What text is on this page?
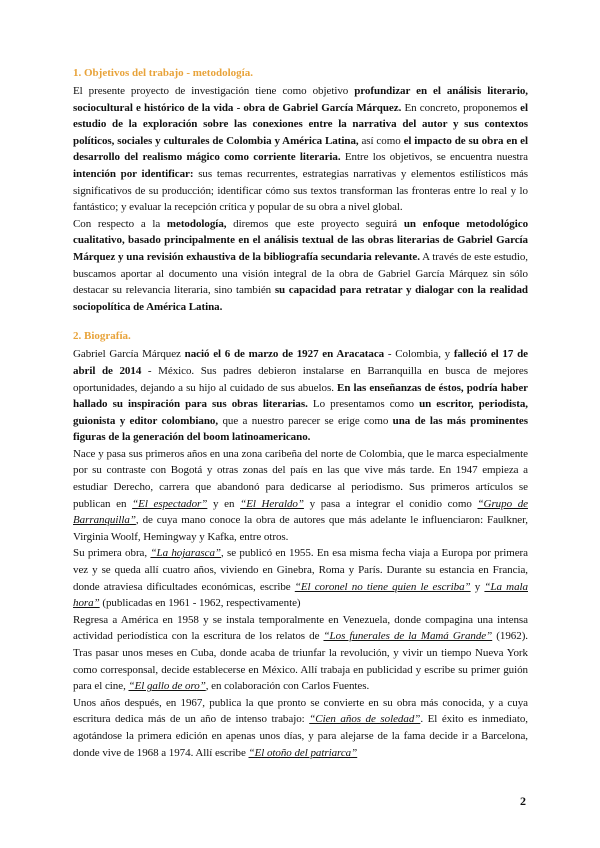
1. Objetivos del trabajo - metodología.

El presente proyecto de investigación tiene como objetivo profundizar en el análisis literario, sociocultural e histórico de la vida - obra de Gabriel García Márquez. En concreto, proponemos el estudio de la exploración sobre las conexiones entre la narrativa del autor y sus contextos políticos, sociales y culturales de Colombia y América Latina, así como el impacto de su obra en el desarrollo del realismo mágico como corriente literaria. Entre los objetivos, se encuentra nuestra intención por identificar: sus temas recurrentes, estrategias narrativas y elementos estilísticos más significativos de su producción; identificar cómo sus textos transforman las fronteras entre lo real y lo fantástico; y evaluar la recepción crítica y popular de su obra a nivel global.

Con respecto a la metodología, diremos que este proyecto seguirá un enfoque metodológico cualitativo, basado principalmente en el análisis textual de las obras literarias de Gabriel García Márquez y una revisión exhaustiva de la bibliografía secundaria relevante. A través de este estudio, buscamos aportar al documento una visión integral de la obra de Gabriel García Márquez sin sólo destacar su relevancia literaria, sino también su capacidad para retratar y dialogar con la realidad sociopolítica de América Latina.

2. Biografía.

Gabriel García Márquez nació el 6 de marzo de 1927 en Aracataca - Colombia, y falleció el 17 de abril de 2014 - México. Sus padres debieron instalarse en Barranquilla en busca de mejores oportunidades, dejando a su hijo al cuidado de sus abuelos. En las enseñanzas de éstos, podría haber hallado su inspiración para sus obras literarias. Lo presentamos como un escritor, periodista, guionista y editor colombiano, que a nuestro parecer se erige como una de las más prominentes figuras de la generación del boom latinoamericano.

Nace y pasa sus primeros años en una zona caribeña del norte de Colombia, que le marca especialmente por su contraste con Bogotá y otras zonas del país en las que vive más tarde. En 1947 empieza a estudiar Derecho, carrera que abandonó para dedicarse al periodismo. Sus primeros artículos se publican en “El espectador” y en “El Heraldo” y pasa a integrar el conidio como “Grupo de Barranquilla”, de cuya mano conoce la obra de autores que más adelante le influenciaron: Faulkner, Virginia Woolf, Hemingway y Kafka, entre otros.

Su primera obra, “La hojarasca”, se publicó en 1955. En esa misma fecha viaja a Europa por primera vez y se queda allí cuatro años, viviendo en Ginebra, Roma y París. Durante su estancia en Francia, donde atraviesa dificultades económicas, escribe “El coronel no tiene quien le escriba” y “La mala hora” (publicadas en 1961 - 1962, respectivamente)

Regresa a América en 1958 y se instala temporalmente en Venezuela, donde compagina una intensa actividad periodística con la escritura de los relatos de “Los funerales de la Mamá Grande” (1962). Tras pasar unos meses en Cuba, donde acaba de triunfar la revolución, y vivir un tiempo Nueva York como corresponsal, decide establecerse en México. Allí trabaja en publicidad y escribe su primer guión para el cine, “El gallo de oro”, en colaboración con Carlos Fuentes.

Unos años después, en 1967, publica la que pronto se convierte en su obra más conocida, y a cuya escritura dedica más de un año de intenso trabajo: “Cien años de soledad”. El éxito es inmediato, agotándose la primera edición en apenas unos días, y para alejarse de la fama decide ir a Barcelona, donde vive de 1968 a 1974. Allí escribe “El otoño del patriarca”

2
